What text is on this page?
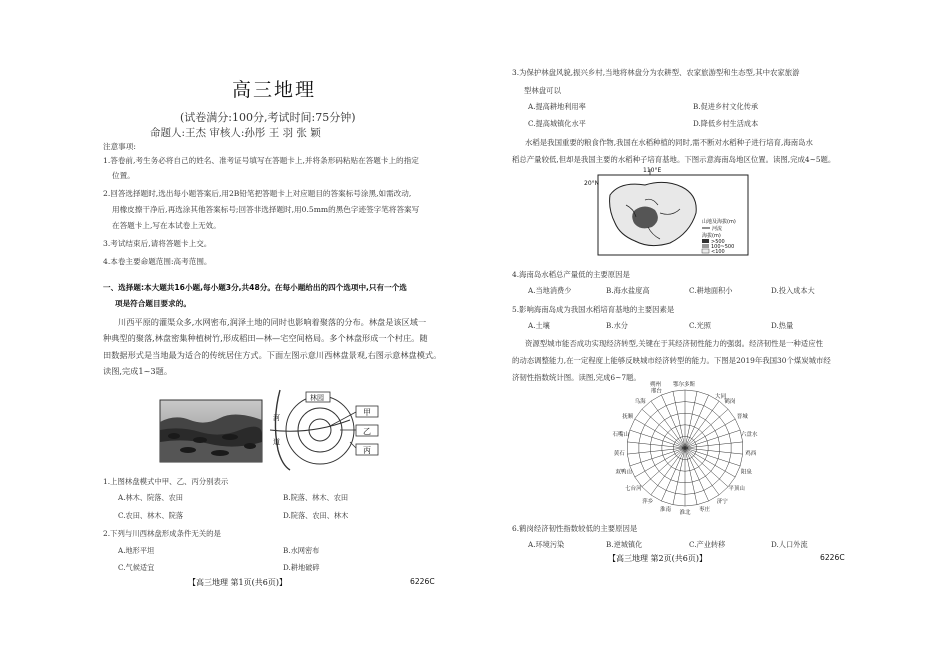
高三地理
(试卷满分:100分,考试时间:75分钟)
命题人:王杰 审核人:孙彤 王 羽 张 颖
注意事项:
1.答卷前,考生务必将自己的姓名、准考证号填写在答题卡上,并将条形码粘贴在答题卡上的指定
位置。
2.回答选择题时,选出每小题答案后,用2B铅笔把答题卡上对应题目的答案标号涂黑,如需改动,
用橡皮擦干净后,再选涂其他答案标号;回答非选择题时,用0.5mm的黑色字迹签字笔将答案写
在答题卡上,写在本试卷上无效。
3.考试结束后,请将答题卡上交。
4.本卷主要命题范围:高考范围。
一、选择题:本大题共16小题,每小题3分,共48分。在每小题给出的四个选项中,只有一个选
项是符合题目要求的。
川西平原的灌渠众多,水网密布,润泽土地的同时也影响着聚落的分布。林盘是该区域一
种典型的聚落,林盘密集种植树竹,形成稻田—林—宅空间格局。多个林盘形成一个村庄。随
田数据形式是当地最为适合的传统居住方式。下面左图示意川西林盘景观,右图示意林盘模式。
读图,完成1~3题。
林园
河
道
甲
乙
丙
1.上图林盘模式中甲、乙、丙分别表示
A.林木、院落、农田	B.院落、林木、农田
C.农田、林木、院落	D.院落、农田、林木
2.下列与川西林盘形成条件无关的是
A.地形平坦	B.水网密布
C.气候适宜	D.耕地破碎
【高三地理 第1页(共6页)】	6226C
3.为保护林盘风貌,振兴乡村,当地将林盘分为农耕型、农家旅游型和生态型,其中农家旅游
型林盘可以
A.提高耕地利用率	B.促进乡村文化传承
C.提高城镇化水平	D.降低乡村生活成本
水稻是我国重要的粮食作物,我国在水稻种植的同时,需不断对水稻种子进行培育,海南岛水
稻总产量较低,但却是我国主要的水稻种子培育基地。下图示意海南岛地区位置。读图,完成4~5题。
110°E
20°N
山地及海拔(m)
河流
海拔(m)
>500
100~500
<100
4.海南岛水稻总产量低的主要原因是
A.当地消费少	B.海水盐度高	C.耕地面积小	D.投入成本大
5.影响海南岛成为我国水稻培育基地的主要因素是
A.土壤	B.水分	C.光照	D.热量
资源型城市能否成功实现经济转型,关键在于其经济韧性能力的强弱。经济韧性是一种适应性
的动态调整能力,在一定程度上能够反映城市经济转型的能力。下图是2019年我国30个煤炭城市经
济韧性指数统计图。读图,完成6~7题。
朔州 鄂尔多斯
大同
鹤岗
晋城
六盘水
鸡西
阳泉
平顶山
济宁
枣庄
淮北
淮南
萍乡
七台河
双鸭山
黄石
石嘴山
抚顺
乌海
邢台
6.鹤岗经济韧性指数较低的主要原因是
A.环境污染	B.逆城镇化	C.产业转移	D.人口外流
【高三地理 第2页(共6页)】	6226C
